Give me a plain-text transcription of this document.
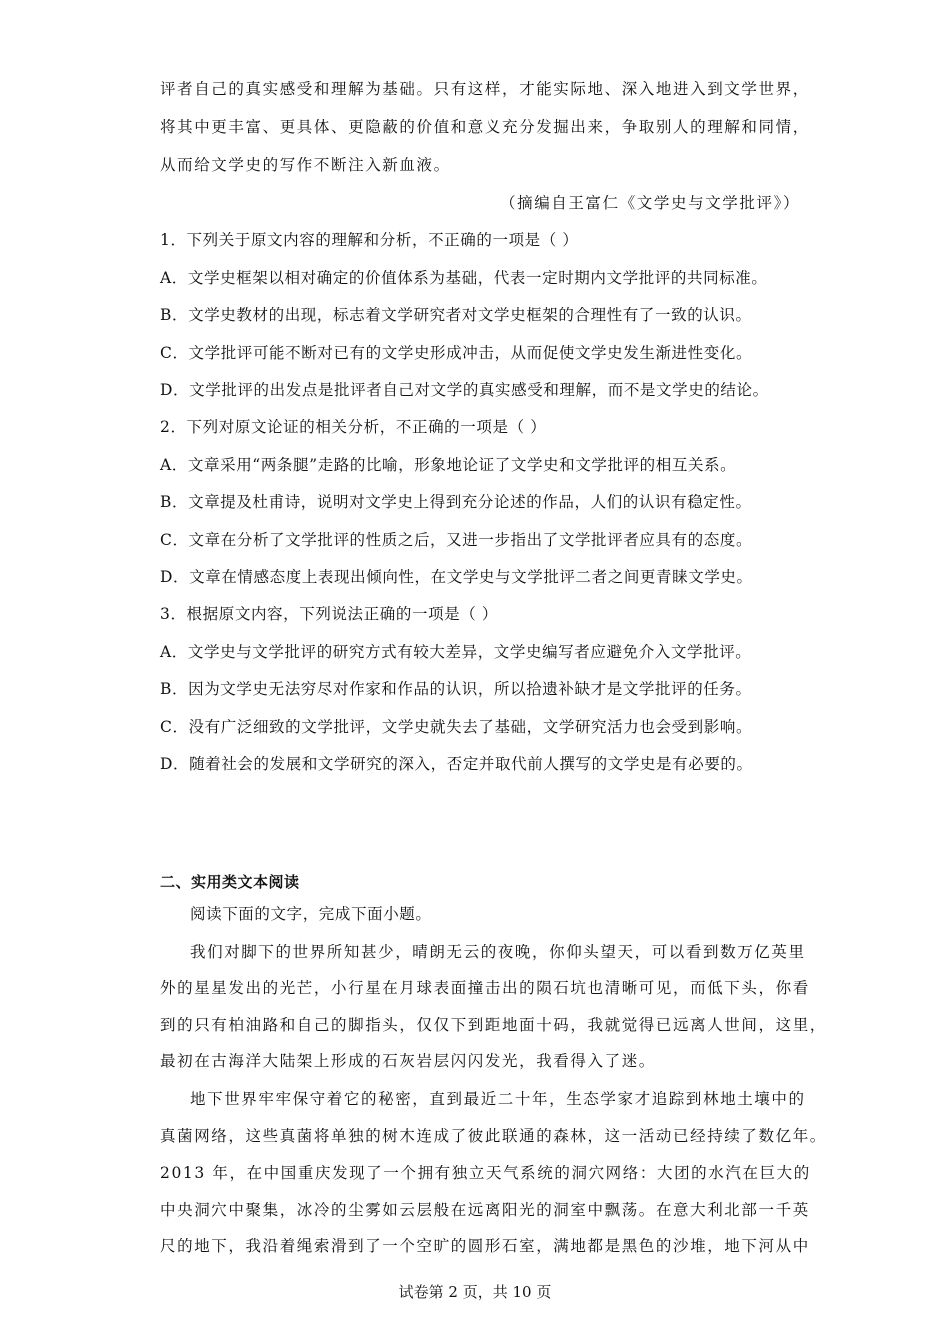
评者自己的真实感受和理解为基础。只有这样，才能实际地、深入地进入到文学世界，
将其中更丰富、更具体、更隐蔽的价值和意义充分发掘出来，争取别人的理解和同情，
从而给文学史的写作不断注入新血液。
（摘编自王富仁《文学史与文学批评》）
1．下列关于原文内容的理解和分析，不正确的一项是（ ）
A．文学史框架以相对确定的价值体系为基础，代表一定时期内文学批评的共同标准。
B．文学史教材的出现，标志着文学研究者对文学史框架的合理性有了一致的认识。
C．文学批评可能不断对已有的文学史形成冲击，从而促使文学史发生渐进性变化。
D．文学批评的出发点是批评者自己对文学的真实感受和理解，而不是文学史的结论。
2．下列对原文论证的相关分析，不正确的一项是（ ）
A．文章采用“两条腿”走路的比喻，形象地论证了文学史和文学批评的相互关系。
B．文章提及杜甫诗，说明对文学史上得到充分论述的作品，人们的认识有稳定性。
C．文章在分析了文学批评的性质之后，又进一步指出了文学批评者应具有的态度。
D．文章在情感态度上表现出倾向性，在文学史与文学批评二者之间更青睐文学史。
3．根据原文内容，下列说法正确的一项是（ ）
A．文学史与文学批评的研究方式有较大差异，文学史编写者应避免介入文学批评。
B．因为文学史无法穷尽对作家和作品的认识，所以拾遗补缺才是文学批评的任务。
C．没有广泛细致的文学批评，文学史就失去了基础，文学研究活力也会受到影响。
D．随着社会的发展和文学研究的深入，否定并取代前人撰写的文学史是有必要的。
二、实用类文本阅读
阅读下面的文字，完成下面小题。
我们对脚下的世界所知甚少，晴朗无云的夜晚，你仰头望天，可以看到数万亿英里
外的星星发出的光芒，小行星在月球表面撞击出的陨石坑也清晰可见，而低下头，你看
到的只有柏油路和自己的脚指头，仅仅下到距地面十码，我就觉得已远离人世间，这里，
最初在古海洋大陆架上形成的石灰岩层闪闪发光，我看得入了迷。
地下世界牢牢保守着它的秘密，直到最近二十年，生态学家才追踪到林地土壤中的
真菌网络，这些真菌将单独的树木连成了彼此联通的森林，这一活动已经持续了数亿年。
2013 年，在中国重庆发现了一个拥有独立天气系统的洞穴网络：大团的水汽在巨大的
中央洞穴中聚集，冰冷的尘雾如云层般在远离阳光的洞室中飘荡。在意大利北部一千英
尺的地下，我沿着绳索滑到了一个空旷的圆形石室，满地都是黑色的沙堆，地下河从中
试卷第 2 页，共 10 页
